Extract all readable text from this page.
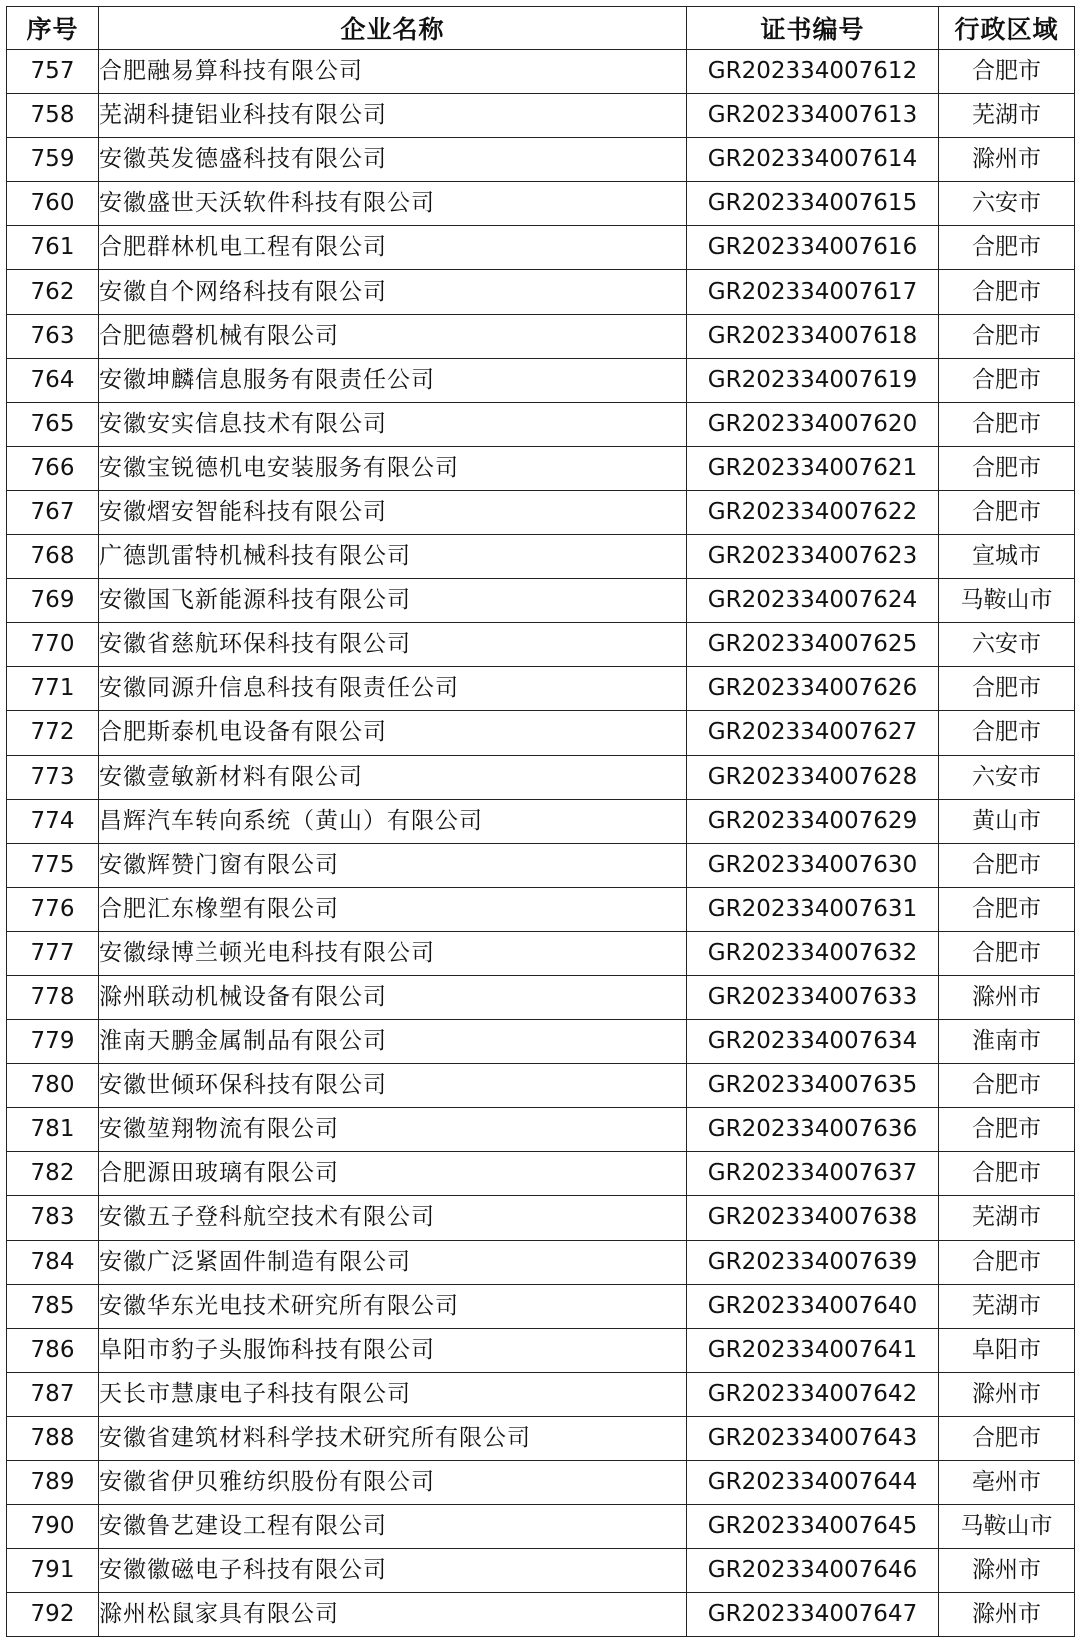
序号	企业名称	证书编号	行政区域
757	合肥融易算科技有限公司	GR202334007612	合肥市
758	芜湖科捷铝业科技有限公司	GR202334007613	芜湖市
759	安徽英发德盛科技有限公司	GR202334007614	滁州市
760	安徽盛世天沃软件科技有限公司	GR202334007615	六安市
761	合肥群林机电工程有限公司	GR202334007616	合肥市
762	安徽自个网络科技有限公司	GR202334007617	合肥市
763	合肥德磬机械有限公司	GR202334007618	合肥市
764	安徽坤麟信息服务有限责任公司	GR202334007619	合肥市
765	安徽安实信息技术有限公司	GR202334007620	合肥市
766	安徽宝锐德机电安装服务有限公司	GR202334007621	合肥市
767	安徽熠安智能科技有限公司	GR202334007622	合肥市
768	广德凯雷特机械科技有限公司	GR202334007623	宣城市
769	安徽国飞新能源科技有限公司	GR202334007624	马鞍山市
770	安徽省慈航环保科技有限公司	GR202334007625	六安市
771	安徽同源升信息科技有限责任公司	GR202334007626	合肥市
772	合肥斯泰机电设备有限公司	GR202334007627	合肥市
773	安徽壹敏新材料有限公司	GR202334007628	六安市
774	昌辉汽车转向系统（黄山）有限公司	GR202334007629	黄山市
775	安徽辉赞门窗有限公司	GR202334007630	合肥市
776	合肥汇东橡塑有限公司	GR202334007631	合肥市
777	安徽绿博兰顿光电科技有限公司	GR202334007632	合肥市
778	滁州联动机械设备有限公司	GR202334007633	滁州市
779	淮南天鹏金属制品有限公司	GR202334007634	淮南市
780	安徽世倾环保科技有限公司	GR202334007635	合肥市
781	安徽堃翔物流有限公司	GR202334007636	合肥市
782	合肥源田玻璃有限公司	GR202334007637	合肥市
783	安徽五子登科航空技术有限公司	GR202334007638	芜湖市
784	安徽广泛紧固件制造有限公司	GR202334007639	合肥市
785	安徽华东光电技术研究所有限公司	GR202334007640	芜湖市
786	阜阳市豹子头服饰科技有限公司	GR202334007641	阜阳市
787	天长市慧康电子科技有限公司	GR202334007642	滁州市
788	安徽省建筑材料科学技术研究所有限公司	GR202334007643	合肥市
789	安徽省伊贝雅纺织股份有限公司	GR202334007644	亳州市
790	安徽鲁艺建设工程有限公司	GR202334007645	马鞍山市
791	安徽徽磁电子科技有限公司	GR202334007646	滁州市
792	滁州松鼠家具有限公司	GR202334007647	滁州市
